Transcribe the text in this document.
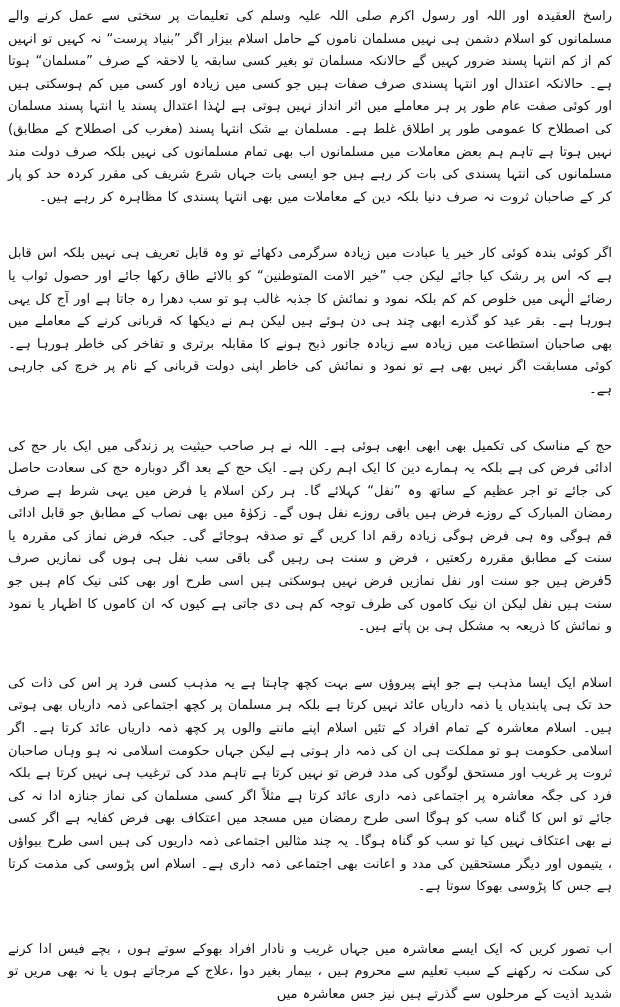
راسخ العقیدہ اور اللہ اور رسول اکرم صلی اللہ علیہ وسلم کی تعلیمات پر سختی سے عمل کرنے والے مسلمانوں کو اسلام دشمن ہی نہیں مسلمان ناموں کے حامل اسلام بیزار اگر ”بنیاد پرست“ نہ کہیں تو انہیں کم از کم انتہا پسند ضرور کہیں گے حالانکہ مسلمان تو بغیر کسی سابقہ یا لاحقہ کے صرف ”مسلمان“ ہوتا ہے۔ حالانکہ اعتدال اور انتہا پسندی صرف صفات ہیں جو کسی میں زیادہ اور کسی میں کم ہوسکتی ہیں اور کوئی صفت عام طور پر ہر معاملے میں اثر انداز نہیں ہوتی ہے لہٰذا اعتدال پسند یا انتہا پسند مسلمان کی اصطلاح کا عمومی طور پر اطلاق غلط ہے۔ مسلمان بے شک انتہا پسند (مغرب کی اصطلاح کے مطابق) نہیں ہوتا ہے تاہم ہم بعض معاملات میں مسلمانوں اب بھی تمام مسلمانوں کی نہیں بلکہ صرف دولت مند مسلمانوں کی انتہا پسندی کی بات کر رہے ہیں جو ایسی بات جہاں شرع شریف کی مقرر کردہ حد کو پار کر کے صاحبان ثروت نہ صرف دنیا بلکہ دین کے معاملات میں بھی انتہا پسندی کا مظاہرہ کر رہے ہیں۔

اگر کوئی بندہ کوئی کار خیر یا عبادت میں زیادہ سرگرمی دکھائے تو وہ قابل تعریف ہی نہیں بلکہ اس قابل ہے کہ اس پر رشک کیا جائے لیکن جب ”خیر الامت المتوطنین“ کو بالائے طاق رکھا جائے اور حصول ثواب یا رضائے الٰہی میں خلوص کم کم بلکہ نمود و نمائش کا جذبہ غالب ہو تو سب دھرا رہ جاتا ہے اور آج کل یہی ہورہا ہے۔ بقر عید کو گذرے ابھی چند ہی دن ہوئے ہیں لیکن ہم نے دیکھا کہ قربانی کرنے کے معاملے میں بھی صاحبان استطاعت میں زیادہ سے زیادہ جانور ذبح ہونے کا مقابلہ برتری و تفاخر کی خاطر ہورہا ہے۔ کوئی مسابقت اگر نہیں بھی ہے تو نمود و نمائش کی خاطر اپنی دولت قربانی کے نام پر خرچ کی جارہی ہے۔

حج کے مناسک کی تکمیل بھی ابھی ابھی ہوئی ہے۔ اللہ نے ہر صاحب حیثیت پر زندگی میں ایک بار حج کی ادائی فرض کی ہے بلکہ یہ ہمارے دین کا ایک اہم رکن ہے۔ ایک حج کے بعد اگر دوبارہ حج کی سعادت حاصل کی جائے تو اجر عظیم کے ساتھ وہ ”نفل“ کہلائے گا۔ ہر رکن اسلام یا فرض میں یہی شرط ہے صرف رمضان المبارک کے روزے فرض ہیں باقی روزے نفل ہوں گے۔ زکوٰۃ میں بھی نصاب کے مطابق جو قابل ادائی قم ہوگی وہ ہی فرض ہوگی زیادہ رقم ادا کریں گے تو صدقہ ہوجائے گی۔ جبکہ فرض نماز کی مقررہ یا سنت کے مطابق مقررہ رکعتیں ، فرض و سنت ہی رہیں گی باقی سب نفل ہی ہوں گی نمازیں صرف 5فرض ہیں جو سنت اور نفل نمازیں فرض نہیں ہوسکتی ہیں اسی طرح اور بھی کئی نیک کام ہیں جو سنت ہیں نفل لیکن ان نیک کاموں کی طرف توجہ کم ہی دی جاتی ہے کیوں کہ ان کاموں کا اظہار یا نمود و نمائش کا ذریعہ بہ مشکل ہی بن پاتے ہیں۔

اسلام ایک ایسا مذہب ہے جو اپنے پیروؤں سے بہت کچھ چاہتا ہے یہ مذہب کسی فرد پر اس کی ذات کی حد تک ہی پابندیاں یا ذمہ داریاں عائد نہیں کرتا ہے بلکہ ہر مسلمان پر کچھ اجتماعی ذمہ داریاں بھی ہوتی ہیں۔ اسلام معاشرہ کے تمام افراد کے تئیں اسلام اپنے ماننے والوں پر کچھ ذمہ داریاں عائد کرتا ہے۔ اگر اسلامی حکومت ہو تو مملکت ہی ان کی ذمہ دار ہوتی ہے لیکن جہاں حکومت اسلامی نہ ہو وہاں صاحبان ثروت پر غریب اور مستحق لوگوں کی مدد فرض تو نہیں کرتا ہے تاہم مدد کی ترغیب ہی نہیں کرتا ہے بلکہ فرد کی جگہ معاشرہ پر اجتماعی ذمہ داری عائد کرتا ہے مثلاً اگر کسی مسلمان کی نماز جنازہ ادا نہ کی جائے تو اس کا گناہ سب کو ہوگا اسی طرح رمضان میں مسجد میں اعتکاف بھی فرض کفایہ ہے اگر کسی نے بھی اعتکاف نہیں کیا تو سب کو گناہ ہوگا۔ یہ چند مثالیں اجتماعی ذمہ داریوں کی ہیں اسی طرح بیواؤں ، یتیموں اور دیگر مستحقین کی مدد و اعانت بھی اجتماعی ذمہ داری ہے۔ اسلام اس پڑوسی کی مذمت کرتا ہے جس کا پڑوسی بھوکا سوتا ہے۔

اب تصور کریں کہ ایک ایسے معاشرہ میں جہاں غریب و نادار افراد بھوکے سوتے ہوں ، بچے فیس ادا کرنے کی سکت نہ رکھنے کے سبب تعلیم سے محروم ہیں ، بیمار بغیر دوا ،علاج کے مرجاتے ہوں یا نہ بھی مریں تو شدید اذیت کے مرحلوں سے گذرتے ہیں نیز جس معاشرہ میں
